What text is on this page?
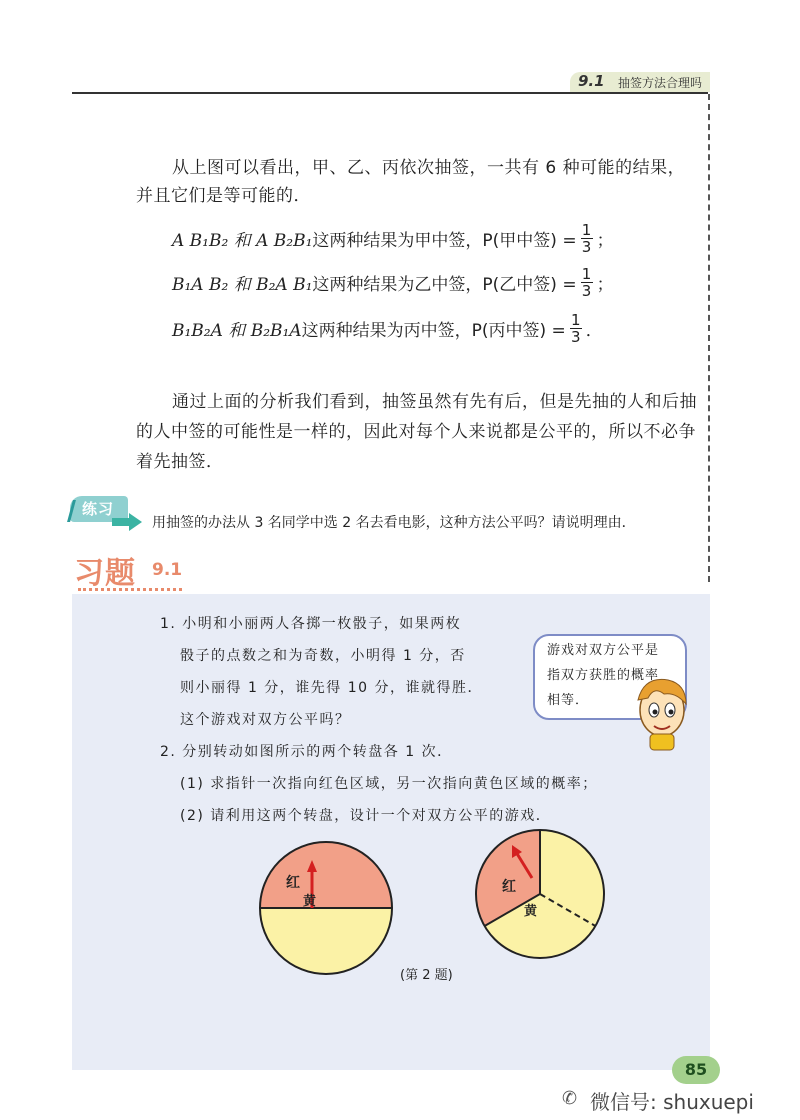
9.1 抽签方法合理吗
从上图可以看出，甲、乙、丙依次抽签，一共有 6 种可能的结果，
并且它们是等可能的．
A B₁B₂ 和 A B₂B₁ 这两种结果为甲中签， P(甲中签) = $\frac{1}{3}$ ；
B₁A B₂ 和 B₂A B₁ 这两种结果为乙中签， P(乙中签) = $\frac{1}{3}$ ；
B₁B₂A 和 B₂B₁A 这两种结果为丙中签， P(丙中签) = $\frac{1}{3}$ ．
通过上面的分析我们看到，抽签虽然有先有后，但是先抽的人和后抽
的人中签的可能性是一样的，因此对每个人来说都是公平的，所以不必争
着先抽签．
练习
用抽签的办法从 3 名同学中选 2 名去看电影，这种方法公平吗？请说明理由．
习题 9.1
1. 小明和小丽两人各掷一枚骰子，如果两枚
骰子的点数之和为奇数，小明得 1 分，否
则小丽得 1 分，谁先得 10 分，谁就得胜．
这个游戏对双方公平吗？
2. 分别转动如图所示的两个转盘各 1 次．
(1) 求指针一次指向红色区域，另一次指向黄色区域的概率；
(2) 请利用这两个转盘，设计一个对双方公平的游戏．
游戏对双方公平是指双方获胜的概率相等．
红
黄
红
黄
(第 2 题)
85
✆ 微信号: shuxuepi
